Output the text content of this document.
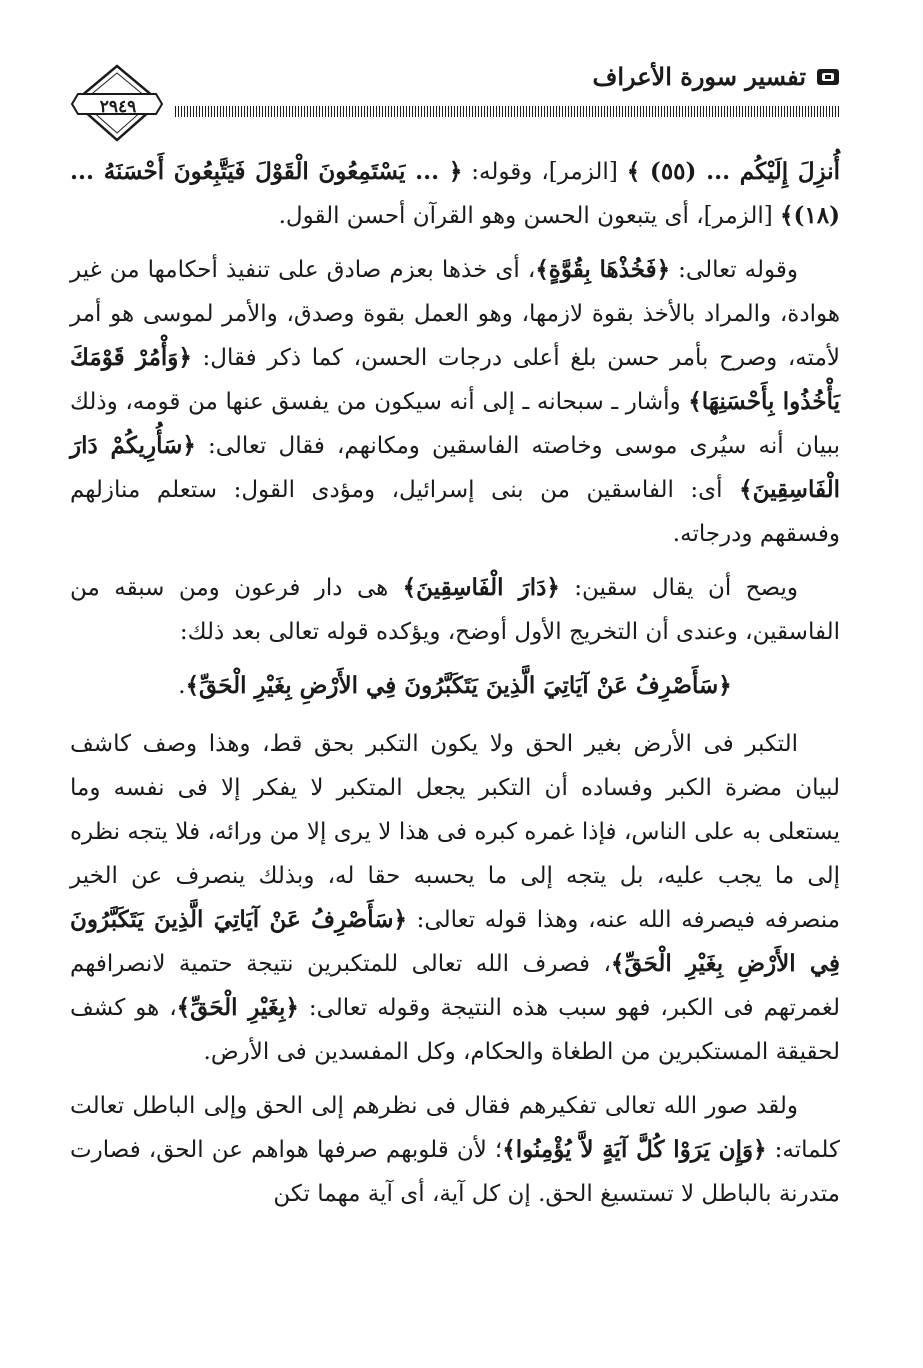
٢٩٤٩
تفسير سورة الأعراف

أُنزِلَ إِلَيْكُم ... (٥٥) ﴾ [الزمر]، وقوله: ﴿ ... يَسْتَمِعُونَ الْقَوْلَ فَيَتَّبِعُونَ أَحْسَنَهُ ...(١٨)﴾ [الزمر]، أى يتبعون الحسن وهو القرآن أحسن القول.

وقوله تعالى: ﴿فَخُذْهَا بِقُوَّةٍ﴾، أى خذها بعزم صادق على تنفيذ أحكامها من غير هوادة، والمراد بالأخذ بقوة لازمها، وهو العمل بقوة وصدق، والأمر لموسى هو أمر لأمته، وصرح بأمر حسن بلغ أعلى درجات الحسن، كما ذكر فقال: ﴿وَأْمُرْ قَوْمَكَ يَأْخُذُوا بِأَحْسَنِهَا﴾ وأشار ـ سبحانه ـ إلى أنه سيكون من يفسق عنها من قومه، وذلك ببيان أنه سيُرى موسى وخاصته الفاسقين ومكانهم، فقال تعالى: ﴿سَأُرِيكُمْ دَارَ الْفَاسِقِينَ﴾ أى: الفاسقين من بنى إسرائيل، ومؤدى القول: ستعلم منازلهم وفسقهم ودرجاته.

ويصح أن يقال سقين: ﴿دَارَ الْفَاسِقِينَ﴾ هى دار فرعون ومن سبقه من الفاسقين، وعندى أن التخريج الأول أوضح، ويؤكده قوله تعالى بعد ذلك:

﴿سَأَصْرِفُ عَنْ آيَاتِيَ الَّذِينَ يَتَكَبَّرُونَ فِي الأَرْضِ بِغَيْرِ الْحَقِّ﴾.

التكبر فى الأرض بغير الحق ولا يكون التكبر بحق قط، وهذا وصف كاشف لبيان مضرة الكبر وفساده أن التكبر يجعل المتكبر لا يفكر إلا فى نفسه وما يستعلى به على الناس، فإذا غمره كبره فى هذا لا يرى إلا من ورائه، فلا يتجه نظره إلى ما يجب عليه، بل يتجه إلى ما يحسبه حقا له، وبذلك ينصرف عن الخير منصرفه فيصرفه الله عنه، وهذا قوله تعالى: ﴿سَأَصْرِفُ عَنْ آيَاتِيَ الَّذِينَ يَتَكَبَّرُونَ فِي الأَرْضِ بِغَيْرِ الْحَقِّ﴾، فصرف الله تعالى للمتكبرين نتيجة حتمية لانصرافهم لغمرتهم فى الكبر، فهو سبب هذه النتيجة وقوله تعالى: ﴿بِغَيْرِ الْحَقِّ﴾، هو كشف لحقيقة المستكبرين من الطغاة والحكام، وكل المفسدين فى الأرض.

ولقد صور الله تعالى تفكيرهم فقال فى نظرهم إلى الحق وإلى الباطل تعالت كلماته: ﴿وَإِن يَرَوْا كُلَّ آيَةٍ لاَّ يُؤْمِنُوا﴾؛ لأن قلوبهم صرفها هواهم عن الحق، فصارت متدرنة بالباطل لا تستسيغ الحق. إن كل آية، أى آية مهما تكن
